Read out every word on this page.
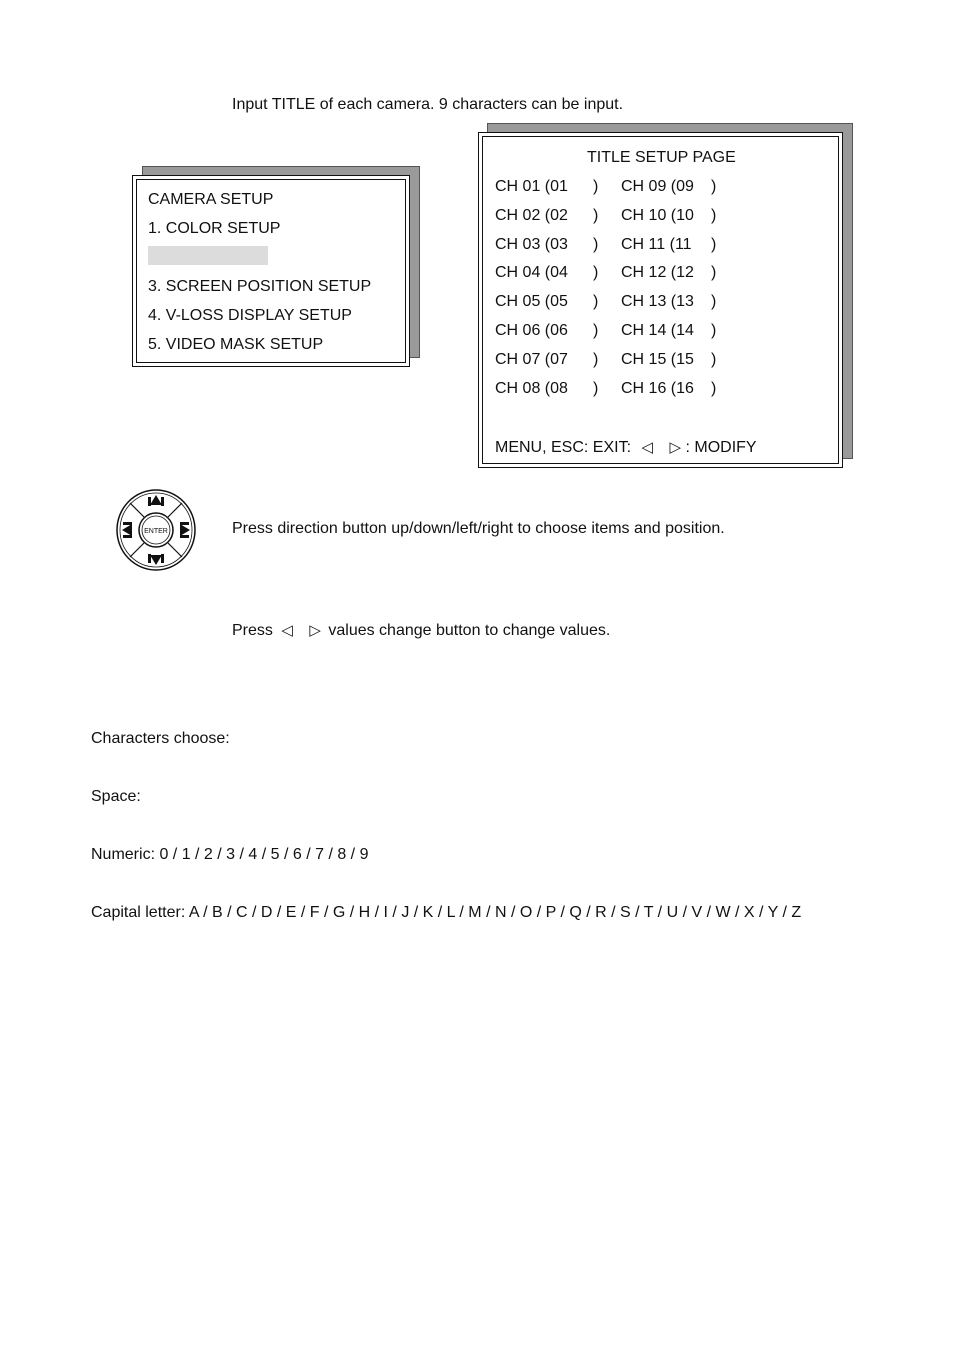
Input TITLE of each camera. 9 characters can be input.
CAMERA SETUP
1. COLOR SETUP
3. SCREEN POSITION SETUP
4. V-LOSS DISPLAY SETUP
5. VIDEO MASK SETUP
TITLE SETUP PAGE
CH 01 (01 ) CH 09 (09 )
CH 02 (02 ) CH 10 (10 )
CH 03 (03 ) CH 11 (11 )
CH 04 (04 ) CH 12 (12 )
CH 05 (05 ) CH 13 (13 )
CH 06 (06 ) CH 14 (14 )
CH 07 (07 ) CH 15 (15 )
CH 08 (08 ) CH 16 (16 )
MENU, ESC: EXIT: ◁ ▷ : MODIFY
ENTER	Press direction button up/down/left/right to choose items and position.
Press ◁ ▷ values change button to change values.
Characters choose:
Space:
Numeric: 0 / 1 / 2 / 3 / 4 / 5 / 6 / 7 / 8 / 9
Capital letter: A / B / C / D / E / F / G / H / I / J / K / L / M / N / O / P / Q / R / S / T / U / V / W / X / Y / Z
